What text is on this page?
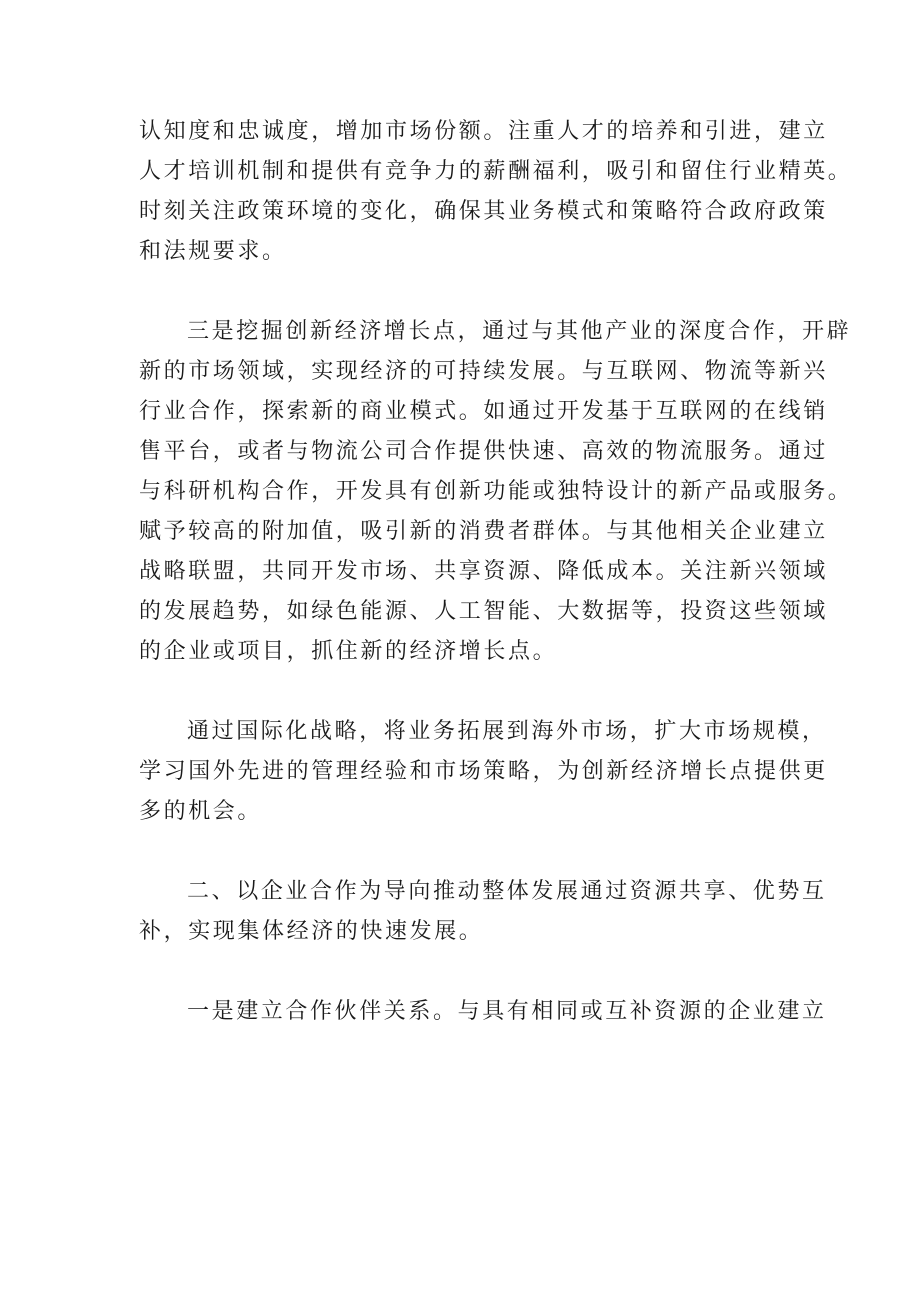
认知度和忠诚度，增加市场份额。注重人才的培养和引进，建立
人才培训机制和提供有竞争力的薪酬福利，吸引和留住行业精英。
时刻关注政策环境的变化，确保其业务模式和策略符合政府政策
和法规要求。
三是挖掘创新经济增长点，通过与其他产业的深度合作，开辟
新的市场领域，实现经济的可持续发展。与互联网、物流等新兴
行业合作，探索新的商业模式。如通过开发基于互联网的在线销
售平台，或者与物流公司合作提供快速、高效的物流服务。通过
与科研机构合作，开发具有创新功能或独特设计的新产品或服务。
赋予较高的附加值，吸引新的消费者群体。与其他相关企业建立
战略联盟，共同开发市场、共享资源、降低成本。关注新兴领域
的发展趋势，如绿色能源、人工智能、大数据等，投资这些领域
的企业或项目，抓住新的经济增长点。
通过国际化战略，将业务拓展到海外市场，扩大市场规模，
学习国外先进的管理经验和市场策略，为创新经济增长点提供更
多的机会。
二、以企业合作为导向推动整体发展通过资源共享、优势互
补，实现集体经济的快速发展。
一是建立合作伙伴关系。与具有相同或互补资源的企业建立
